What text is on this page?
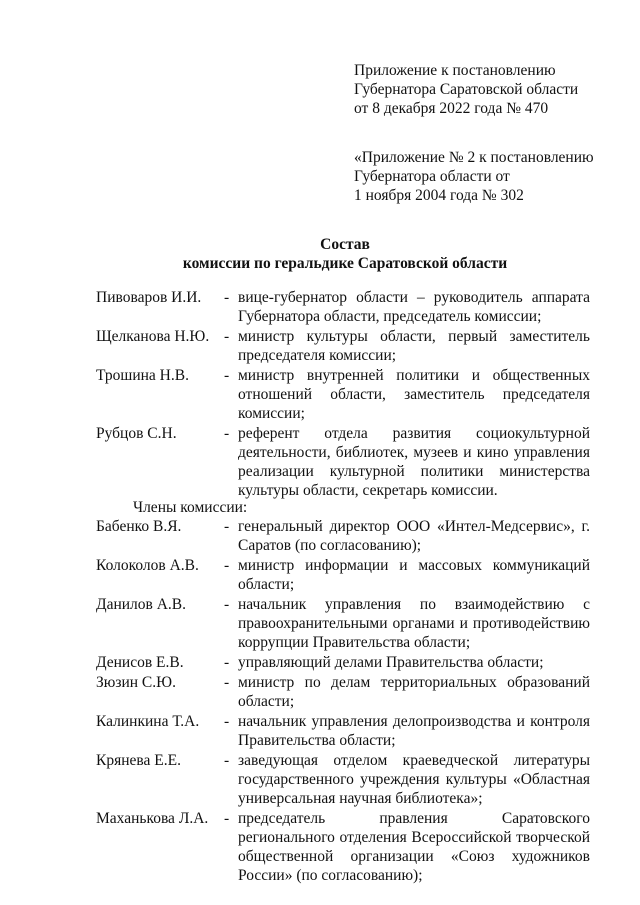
Приложение к постановлению
Губернатора Саратовской области
от 8 декабря 2022 года № 470
«Приложение № 2 к постановлению
Губернатора области от
1 ноября 2004 года № 302
Состав
комиссии по геральдике Саратовской области
Пивоваров И.И.	- вице-губернатор области – руководитель аппарата Губернатора области, председатель комиссии;
Щелканова Н.Ю. - министр культуры области, первый заместитель председателя комиссии;
Трошина Н.В.	- министр внутренней политики и общественных отношений области, заместитель председателя комиссии;
Рубцов С.Н.	- референт отдела развития социокультурной деятельности, библиотек, музеев и кино управления реализации культурной политики министерства культуры области, секретарь комиссии.
Члены комиссии:
Бабенко В.Я.	- генеральный директор ООО «Интел-Медсервис», г. Саратов (по согласованию);
Колоколов А.В.	- министр информации и массовых коммуникаций области;
Данилов А.В.	- начальник управления по взаимодействию с правоохранительными органами и противодействию коррупции Правительства области;
Денисов Е.В.	- управляющий делами Правительства области;
Зюзин С.Ю.	- министр по делам территориальных образований области;
Калинкина Т.А.	- начальник управления делопроизводства и контроля Правительства области;
Крянева Е.Е.	- заведующая отделом краеведческой литературы государственного учреждения культуры «Областная универсальная научная библиотека»;
Маханькова Л.А.	- председатель правления Саратовского регионального отделения Всероссийской творческой общественной организации «Союз художников России» (по согласованию);
